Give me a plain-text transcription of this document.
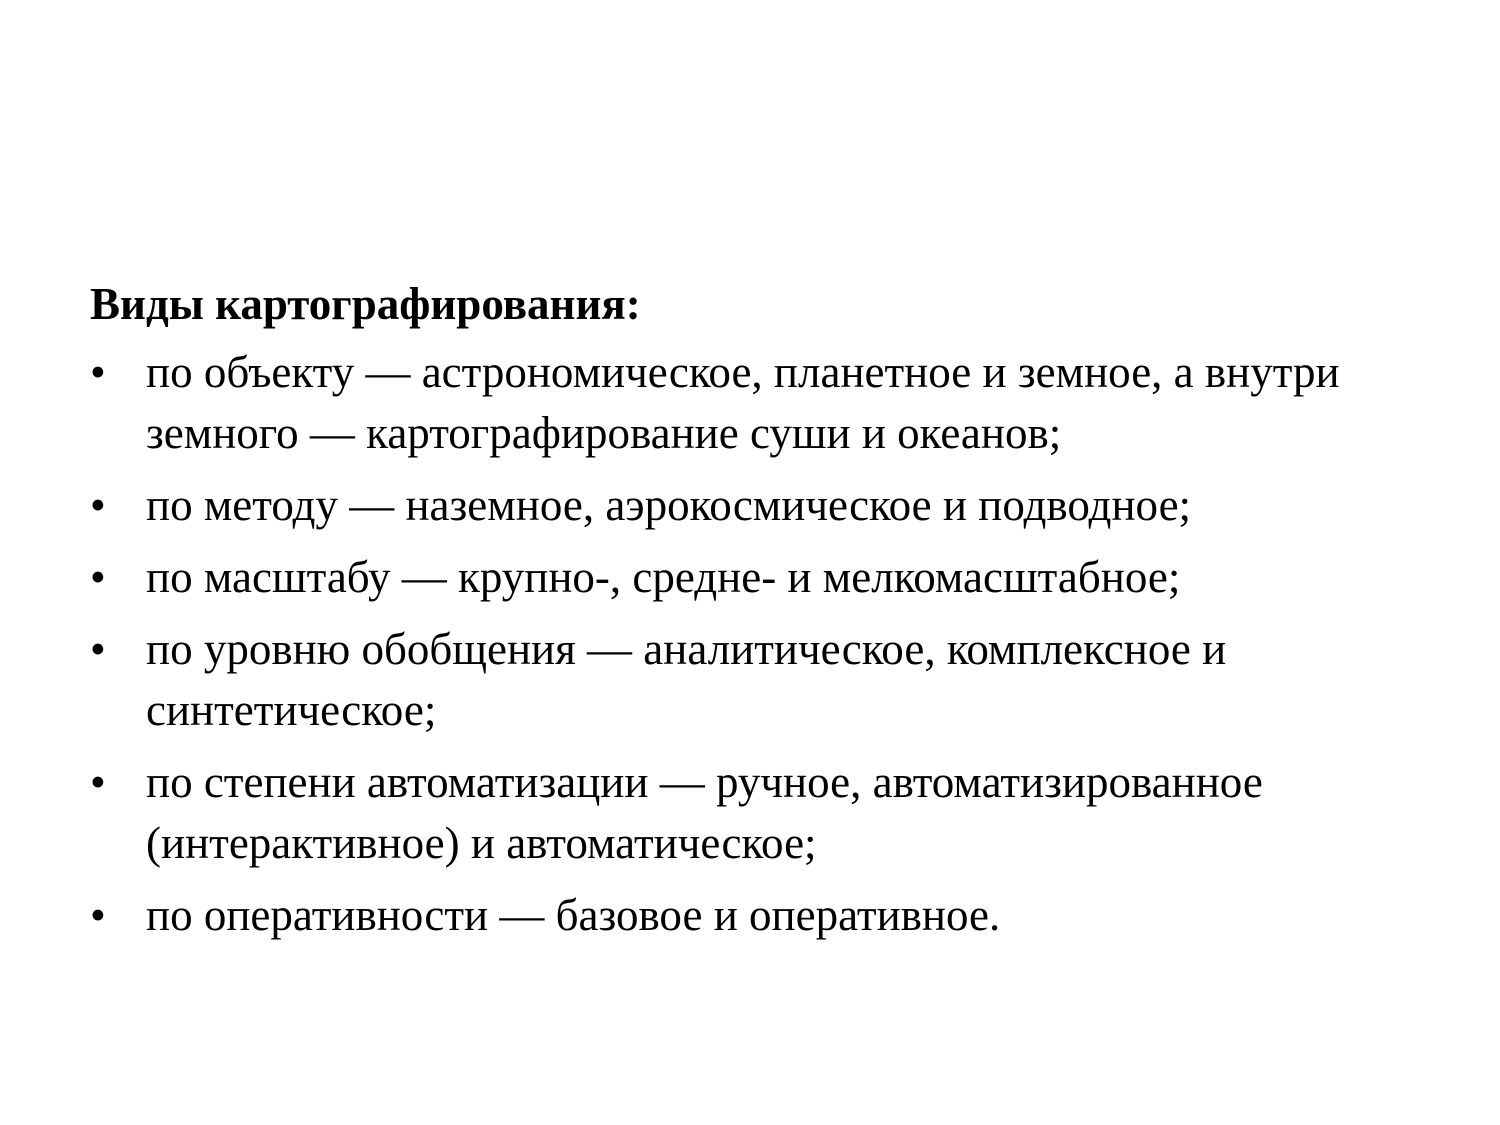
Виды картографирования:
• по объекту — астрономическое, планетное и земное, а внутри земного — картографирование суши и океанов;
• по методу — наземное, аэрокосмическое и подводное;
• по масштабу — крупно-, средне- и мелкомасштабное;
• по уровню обобщения — аналитическое, комплексное и синтетическое;
• по степени автоматизации — ручное, автоматизированное (интерактивное) и автоматическое;
• по оперативности — базовое и оперативное.
